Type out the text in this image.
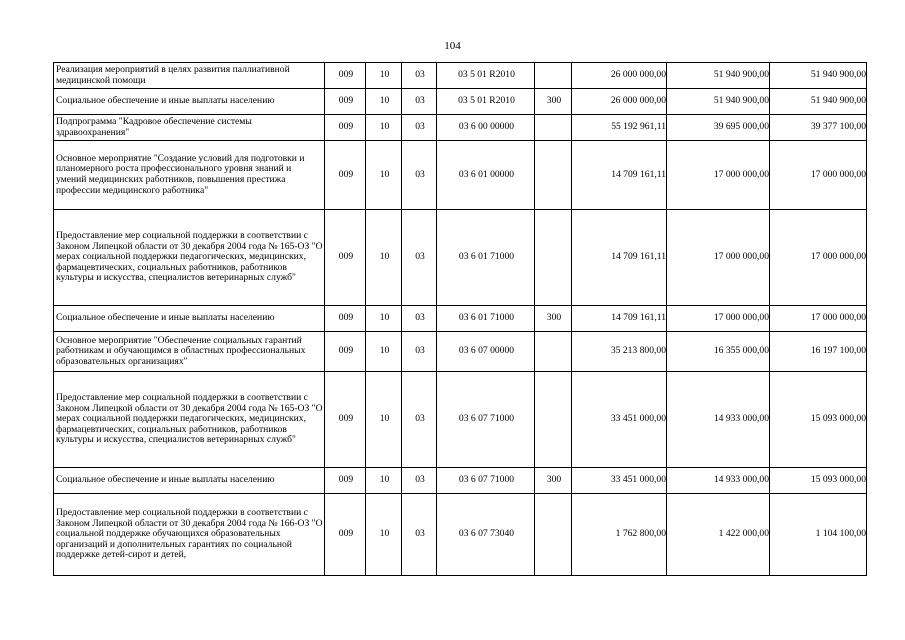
104
Реализация мероприятий в целях развития паллиативной медицинской помощи	009	10	03	03 5 01 R2010		26 000 000,00	51 940 900,00	51 940 900,00
Социальное обеспечение и иные выплаты населению	009	10	03	03 5 01 R2010	300	26 000 000,00	51 940 900,00	51 940 900,00
Подпрограмма "Кадровое обеспечение системы здравоохранения"	009	10	03	03 6 00 00000		55 192 961,11	39 695 000,00	39 377 100,00
Основное мероприятие "Создание условий для подготовки и планомерного роста профессионального уровня знаний и умений медицинских работников, повышения престижа профессии медицинского работника"	009	10	03	03 6 01 00000		14 709 161,11	17 000 000,00	17 000 000,00
Предоставление мер социальной поддержки в соответствии с Законом Липецкой области от 30 декабря 2004 года № 165-ОЗ "О мерах социальной поддержки педагогических, медицинских, фармацевтических, социальных работников, работников культуры и искусства, специалистов ветеринарных служб"	009	10	03	03 6 01 71000		14 709 161,11	17 000 000,00	17 000 000,00
Социальное обеспечение и иные выплаты населению	009	10	03	03 6 01 71000	300	14 709 161,11	17 000 000,00	17 000 000,00
Основное мероприятие "Обеспечение социальных гарантий работникам и обучающимся в областных профессиональных образовательных организациях"	009	10	03	03 6 07 00000		35 213 800,00	16 355 000,00	16 197 100,00
Предоставление мер социальной поддержки в соответствии с Законом Липецкой области от 30 декабря 2004 года № 165-ОЗ "О мерах социальной поддержки педагогических, медицинских, фармацевтических, социальных работников, работников культуры и искусства, специалистов ветеринарных служб"	009	10	03	03 6 07 71000		33 451 000,00	14 933 000,00	15 093 000,00
Социальное обеспечение и иные выплаты населению	009	10	03	03 6 07 71000	300	33 451 000,00	14 933 000,00	15 093 000,00
Предоставление мер социальной поддержки в соответствии с Законом Липецкой области от 30 декабря 2004 года № 166-ОЗ "О социальной поддержке обучающихся образовательных организаций и дополнительных гарантиях по социальной поддержке детей-сирот и детей,	009	10	03	03 6 07 73040		1 762 800,00	1 422 000,00	1 104 100,00
